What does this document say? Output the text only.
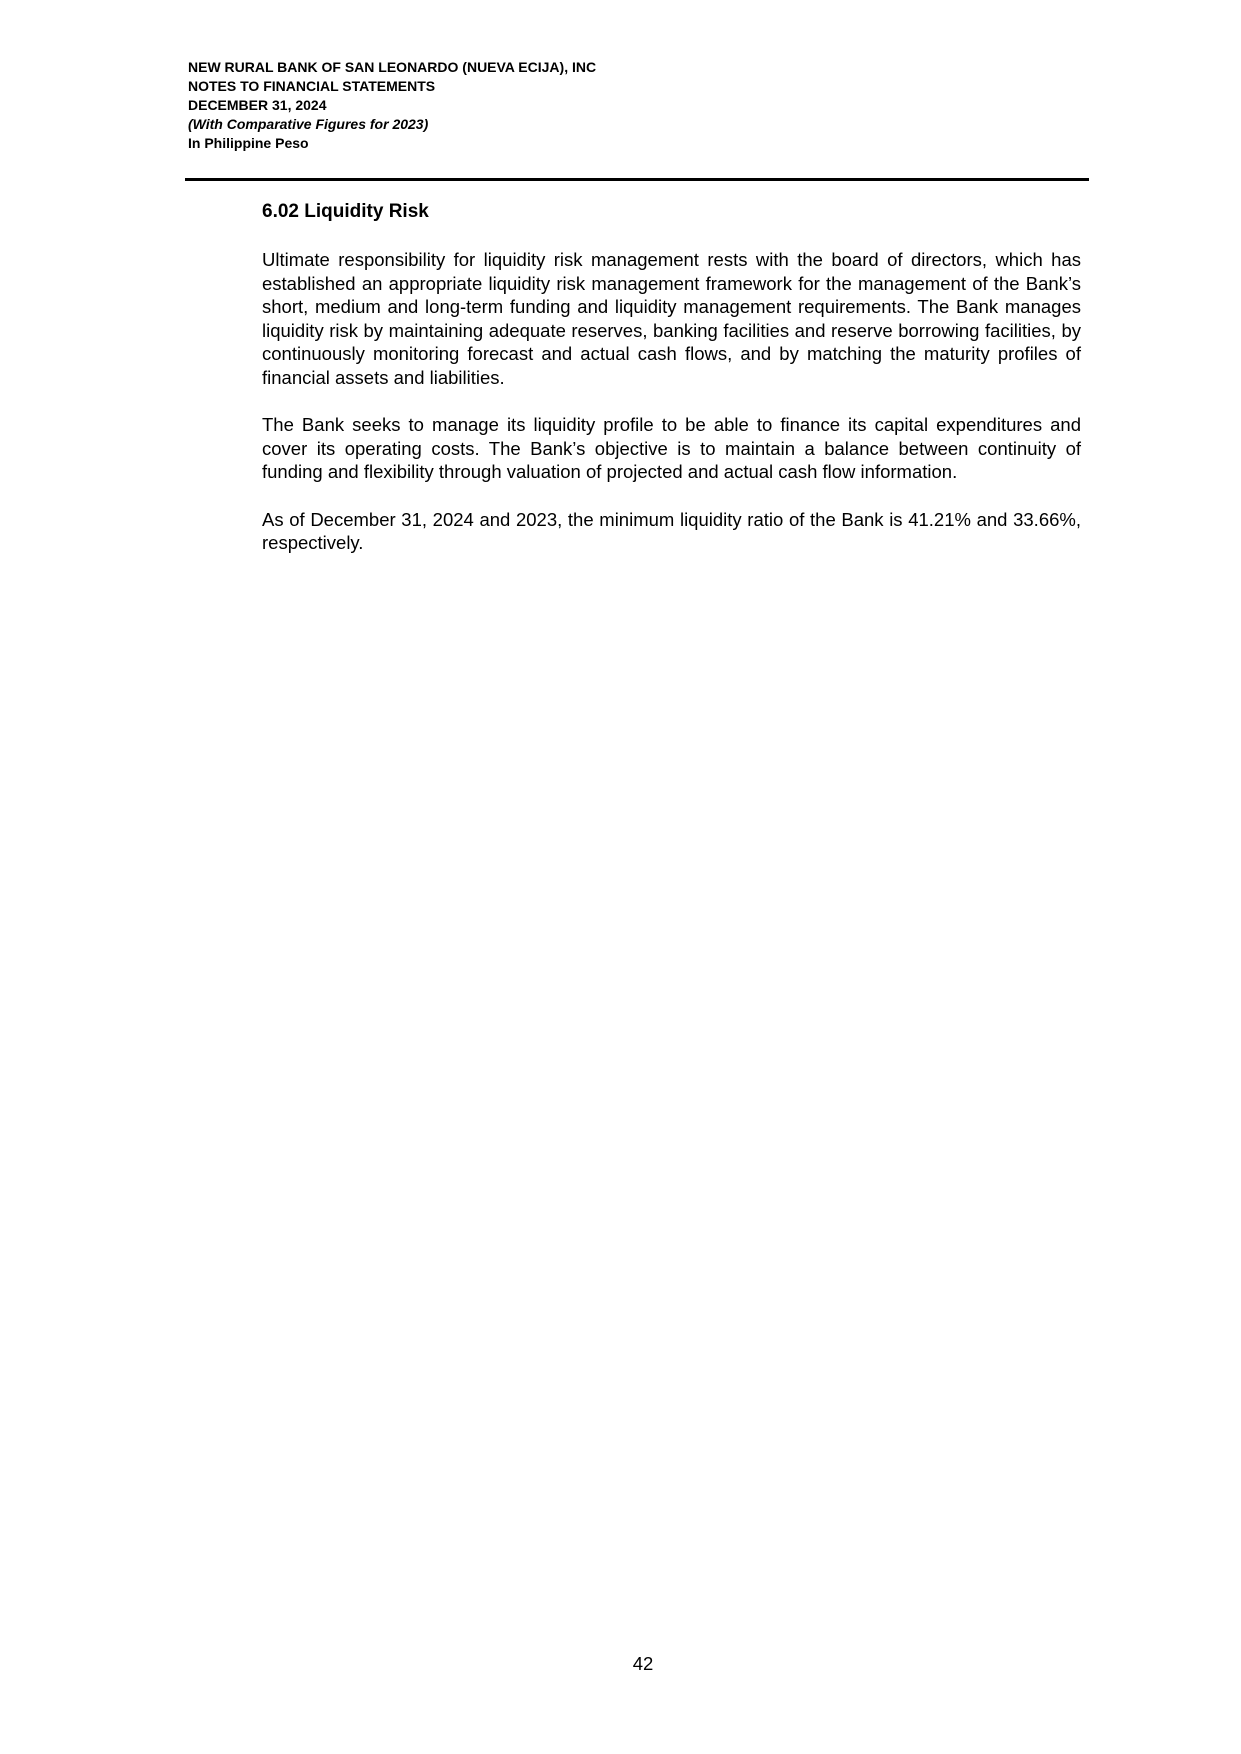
NEW RURAL BANK OF SAN LEONARDO (NUEVA ECIJA), INC
NOTES TO FINANCIAL STATEMENTS
DECEMBER 31, 2024
(With Comparative Figures for 2023)
In Philippine Peso
6.02 Liquidity Risk

Ultimate responsibility for liquidity risk management rests with the board of directors, which has established an appropriate liquidity risk management framework for the management of the Bank’s short, medium and long-term funding and liquidity management requirements. The Bank manages liquidity risk by maintaining adequate reserves, banking facilities and reserve borrowing facilities, by continuously monitoring forecast and actual cash flows, and by matching the maturity profiles of financial assets and liabilities.

The Bank seeks to manage its liquidity profile to be able to finance its capital expenditures and cover its operating costs. The Bank’s objective is to maintain a balance between continuity of funding and flexibility through valuation of projected and actual cash flow information.

As of December 31, 2024 and 2023, the minimum liquidity ratio of the Bank is 41.21% and 33.66%, respectively.

42
